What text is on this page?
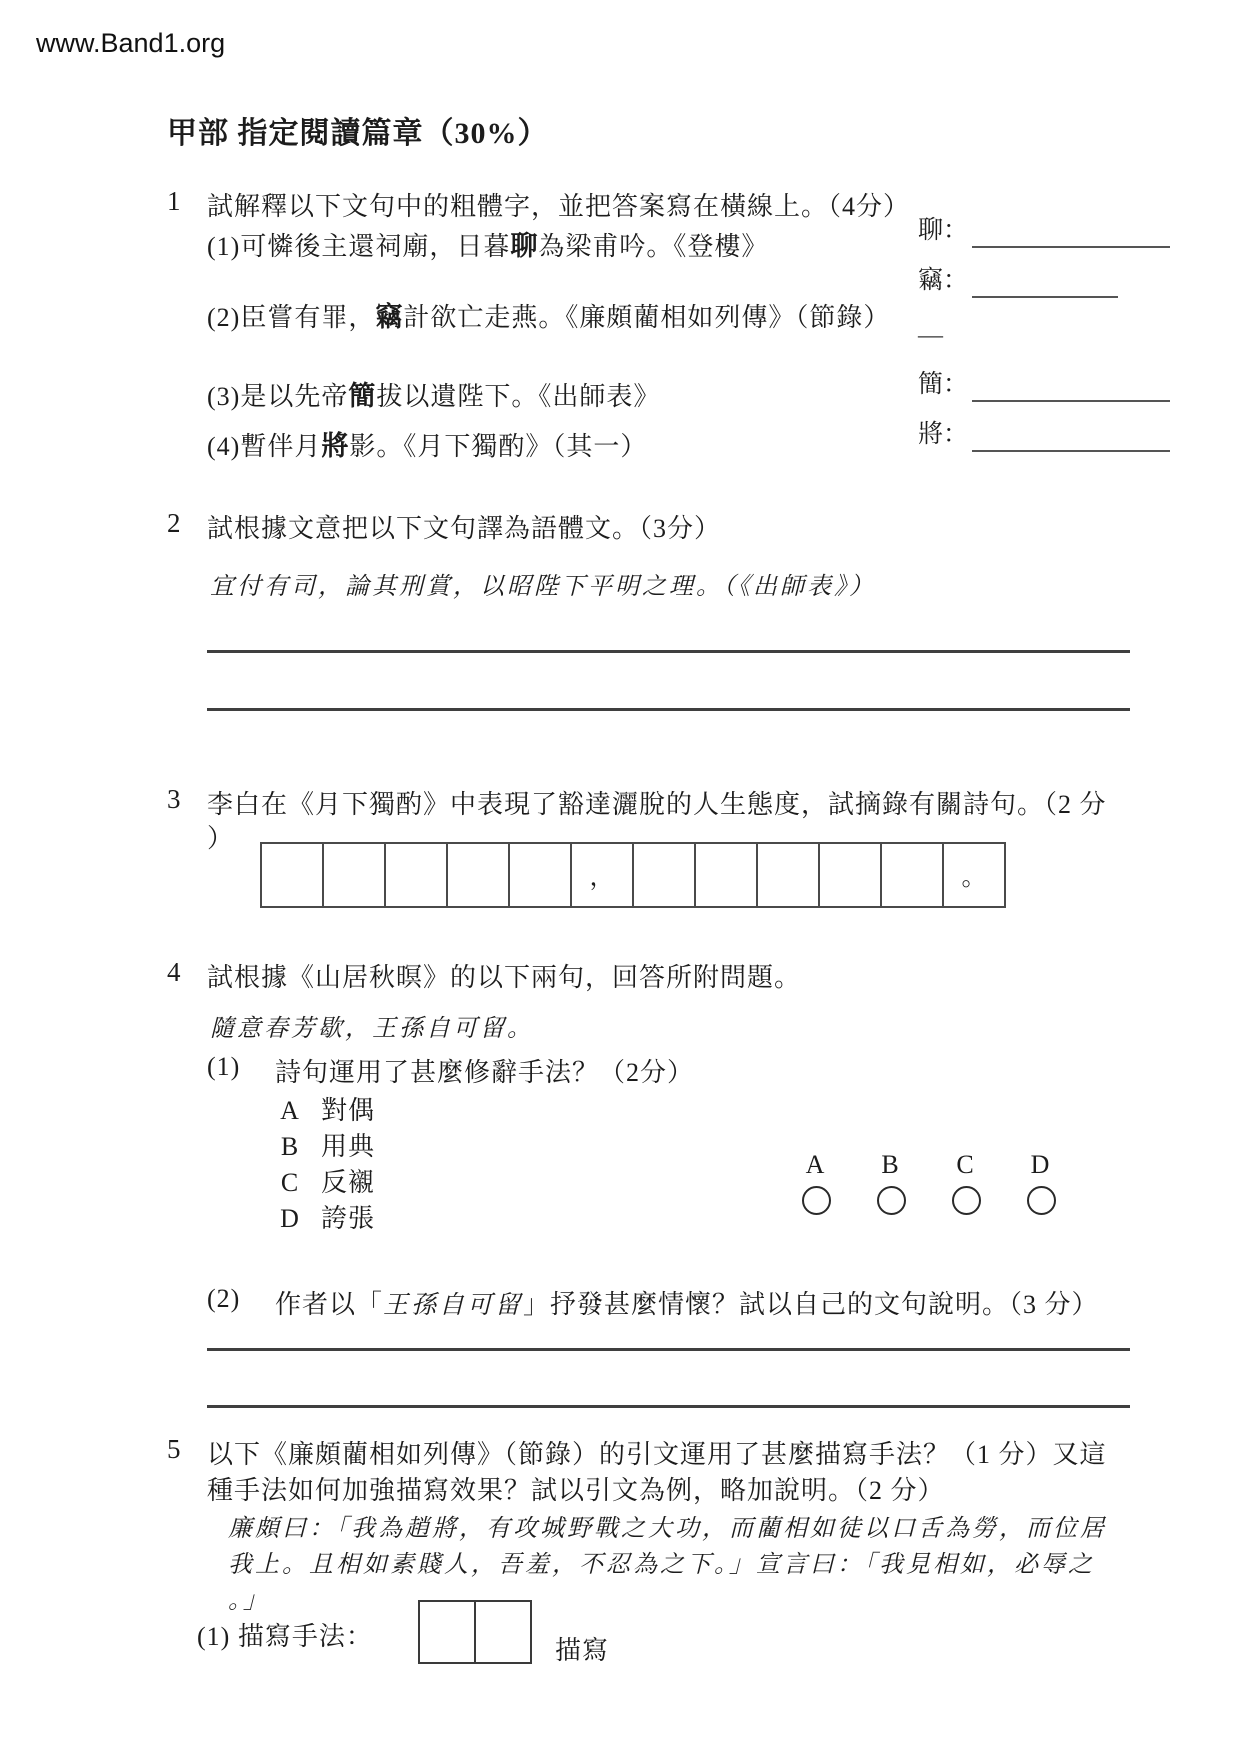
www.Band1.org
甲部 指定閱讀篇章（30%）
1 試解釋以下文句中的粗體字，並把答案寫在橫線上。（4分）
(1)可憐後主還祠廟，日暮聊為梁甫吟。《登樓》
(2)臣嘗有罪，竊計欲亡走燕。《廉頗藺相如列傳》（節錄）
(3)是以先帝簡拔以遺陛下。《出師表》
(4)暫伴月將影。《月下獨酌》（其一）
聊：
竊：
—
簡：
將：
2 試根據文意把以下文句譯為語體文。（3分）
宜付有司，論其刑賞，以昭陛下平明之理。（《出師表》）
3 李白在《月下獨酌》中表現了豁達灑脫的人生態度，試摘錄有關詩句。（2 分
）
，	。
4 試根據《山居秋暝》的以下兩句，回答所附問題。
隨意春芳歇，王孫自可留。
(1) 詩句運用了甚麼修辭手法？（2分）
A 對偶
B 用典
C 反襯
D 誇張
A B C D
(2) 作者以「王孫自可留」抒發甚麼情懷？試以自己的文句說明。（3 分）
5 以下《廉頗藺相如列傳》（節錄）的引文運用了甚麼描寫手法？（1 分）又這
種手法如何加強描寫效果？試以引文為例，略加說明。（2 分）
廉頗曰：「我為趙將，有攻城野戰之大功，而藺相如徒以口舌為勞，而位居
我上。且相如素賤人，吾羞，不忍為之下。」宣言曰：「我見相如，必辱之
。」
(1) 描寫手法：	描寫
